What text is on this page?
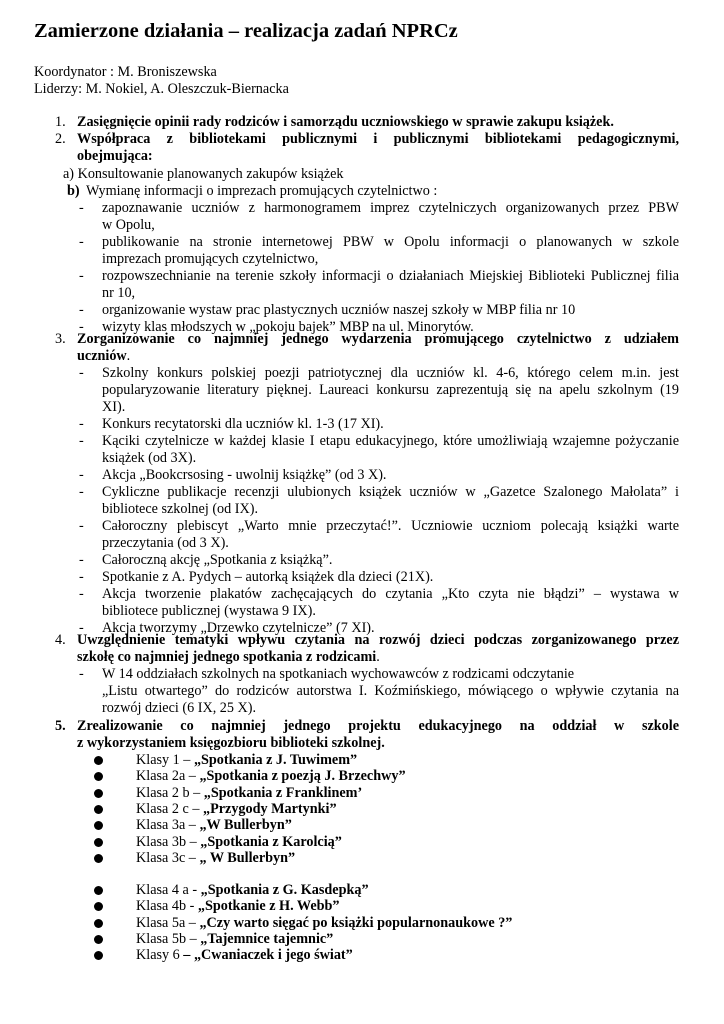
Zamierzone działania – realizacja zadań NPRCz
Koordynator : M. Broniszewska
Liderzy: M. Nokiel, A. Oleszczuk-Biernacka
1. Zasięgnięcie opinii rady rodziców i samorządu uczniowskiego w sprawie zakupu książek.
2. Współpraca z bibliotekami publicznymi i publicznymi bibliotekami pedagogicznymi,
obejmująca:
a) Konsultowanie planowanych zakupów książek
b) Wymianę informacji o imprezach promujących czytelnictwo :
- zapoznawanie uczniów z harmonogramem imprez czytelniczych organizowanych przez PBW
w Opolu,
- publikowanie na stronie internetowej PBW w Opolu informacji o planowanych w szkole
imprezach promujących czytelnictwo,
- rozpowszechnianie na terenie szkoły informacji o działaniach Miejskiej Biblioteki Publicznej filia
nr 10,
- organizowanie wystaw prac plastycznych uczniów naszej szkoły w MBP filia nr 10
- wizyty klas młodszych w „pokoju bajek” MBP na ul. Minorytów.
3. Zorganizowanie co najmniej jednego wydarzenia promującego czytelnictwo z udziałem
uczniów.
- Szkolny konkurs polskiej poezji patriotycznej dla uczniów kl. 4-6, którego celem m.in. jest
popularyzowanie literatury pięknej. Laureaci konkursu zaprezentują się na apelu szkolnym (19
XI).
- Konkurs recytatorski dla uczniów kl. 1-3 (17 XI).
- Kąciki czytelnicze w każdej klasie I etapu edukacyjnego, które umożliwiają wzajemne pożyczanie
książek (od 3X).
- Akcja „Bookcrsosing - uwolnij książkę” (od 3 X).
- Cykliczne publikacje recenzji ulubionych książek uczniów w „Gazetce Szalonego Małolata” i
bibliotece szkolnej (od IX).
- Całoroczny plebiscyt „Warto mnie przeczytać!”. Uczniowie uczniom polecają książki warte
przeczytania (od 3 X).
- Całoroczną akcję „Spotkania z książką”.
- Spotkanie z A. Pydych – autorką książek dla dzieci (21X).
- Akcja tworzenie plakatów zachęcających do czytania „Kto czyta nie błądzi” – wystawa w
bibliotece publicznej (wystawa 9 IX).
- Akcja tworzymy „Drzewko czytelnicze” (7 XI).
4. Uwzględnienie tematyki wpływu czytania na rozwój dzieci podczas zorganizowanego przez
szkołę co najmniej jednego spotkania z rodzicami.
- W 14 oddziałach szkolnych na spotkaniach wychowawców z rodzicami odczytanie
„Listu otwartego” do rodziców autorstwa I. Koźmińskiego, mówiącego o wpływie czytania na
rozwój dzieci (6 IX, 25 X).
5. Zrealizowanie co najmniej jednego projektu edukacyjnego na oddział w szkole
z wykorzystaniem księgozbioru biblioteki szkolnej.
Klasy 1 – „Spotkania z J. Tuwimem”
Klasa 2a – „Spotkania z poezją J. Brzechwy”
Klasa 2 b – „Spotkania z Franklinem’
Klasa 2 c – „Przygody Martynki”
Klasa 3a – „W Bullerbyn”
Klasa 3b – „Spotkania z Karolcią”
Klasa 3c – „ W Bullerbyn”
Klasa 4 a - „Spotkania z G. Kasdepką”
Klasa 4b - „Spotkanie z H. Webb”
Klasa 5a – „Czy warto sięgać po książki popularnonaukowe ?”
Klasa 5b – „Tajemnice tajemnic”
Klasy 6 – „Cwaniaczek i jego świat”
